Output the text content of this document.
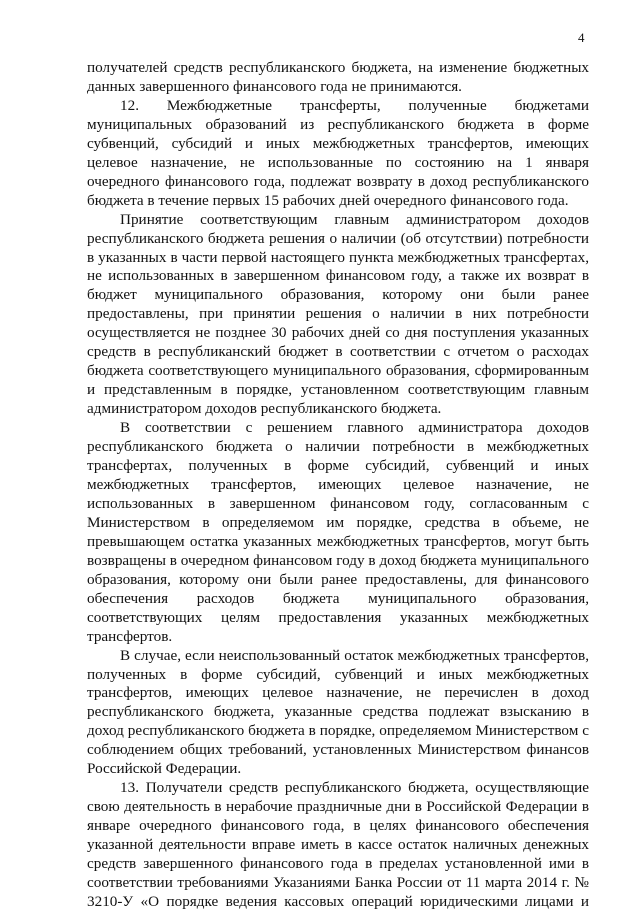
4

получателей средств республиканского бюджета, на изменение бюджетных данных завершенного финансового года не принимаются.

12. Межбюджетные трансферты, полученные бюджетами муниципальных образований из республиканского бюджета в форме субвенций, субсидий и иных межбюджетных трансфертов, имеющих целевое назначение, не использованные по состоянию на 1 января очередного финансового года, подлежат возврату в доход республиканского бюджета в течение первых 15 рабочих дней очередного финансового года.

Принятие соответствующим главным администратором доходов республиканского бюджета решения о наличии (об отсутствии) потребности в указанных в части первой настоящего пункта межбюджетных трансфертах, не использованных в завершенном финансовом году, а также их возврат в бюджет муниципального образования, которому они были ранее предоставлены, при принятии решения о наличии в них потребности осуществляется не позднее 30 рабочих дней со дня поступления указанных средств в республиканский бюджет в соответствии с отчетом о расходах бюджета соответствующего муниципального образования, сформированным и представленным в порядке, установленном соответствующим главным администратором доходов республиканского бюджета.

В соответствии с решением главного администратора доходов республиканского бюджета о наличии потребности в межбюджетных трансфертах, полученных в форме субсидий, субвенций и иных межбюджетных трансфертов, имеющих целевое назначение, не использованных в завершенном финансовом году, согласованным с Министерством в определяемом им порядке, средства в объеме, не превышающем остатка указанных межбюджетных трансфертов, могут быть возвращены в очередном финансовом году в доход бюджета муниципального образования, которому они были ранее предоставлены, для финансового обеспечения расходов бюджета муниципального образования, соответствующих целям предоставления указанных межбюджетных трансфертов.

В случае, если неиспользованный остаток межбюджетных трансфертов, полученных в форме субсидий, субвенций и иных межбюджетных трансфертов, имеющих целевое назначение, не перечислен в доход республиканского бюджета, указанные средства подлежат взысканию в доход республиканского бюджета в порядке, определяемом Министерством с соблюдением общих требований, установленных Министерством финансов Российской Федерации.

13. Получатели средств республиканского бюджета, осуществляющие свою деятельность в нерабочие праздничные дни в Российской Федерации в январе очередного финансового года, в целях финансового обеспечения указанной деятельности вправе иметь в кассе остаток наличных денежных средств завершенного финансового года в пределах установленной ими в соответствии требованиями Указаниями Банка России от 11 марта 2014 г. № 3210-У «О порядке ведения кассовых операций юридическими лицами и
